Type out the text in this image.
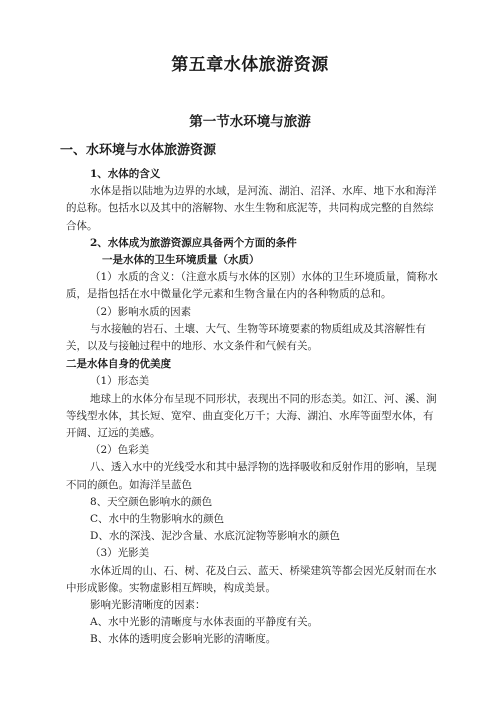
第五章水体旅游资源
第一节水环境与旅游

一、水环境与水体旅游资源

1、水体的含义

水体是指以陆地为边界的水域，是河流、湖泊、沼泽、水库、地下水和海洋的总称。包括水以及其中的溶解物、水生生物和底泥等，共同构成完整的自然综合体。

2、水体成为旅游资源应具备两个方面的条件

一是水体的卫生环境质量（水质）

（1）水质的含义：（注意水质与水体的区别）水体的卫生环境质量，简称水 质，是指包括在水中微量化学元素和生物含量在内的各种物质的总和。

（2）影响水质的因素

与水接触的岩石、土壤、大气、生物等环境要素的物质组成及其溶解性有关，以及与接触过程中的地形、水文条件和气候有关。

二是水体自身的优美度

（1）形态美

地球上的水体分布呈现不同形状，表现出不同的形态美。如江、河、溪、涧等线型水体，其长短、宽窄、曲直变化万千；大海、湖泊、水库等面型水体，有开阔、辽远的美感。

（2）色彩美

八、透入水中的光线受水和其中悬浮物的选择吸收和反射作用的影响，呈现不同的颜色。如海洋呈蓝色

8、天空颜色影响水的颜色

C、水中的生物影响水的颜色

D、水的深浅、泥沙含量、水底沉淀物等影响水的颜色

（3）光影美

水体近周的山、石、树、花及白云、蓝天、桥梁建筑等都会因光反射而在水中形成影像。实物虚影相互辉映，构成美景。

影响光影清晰度的因素：

A、水中光影的清晰度与水体表面的平静度有关。

B、水体的透明度会影响光影的清晰度。
